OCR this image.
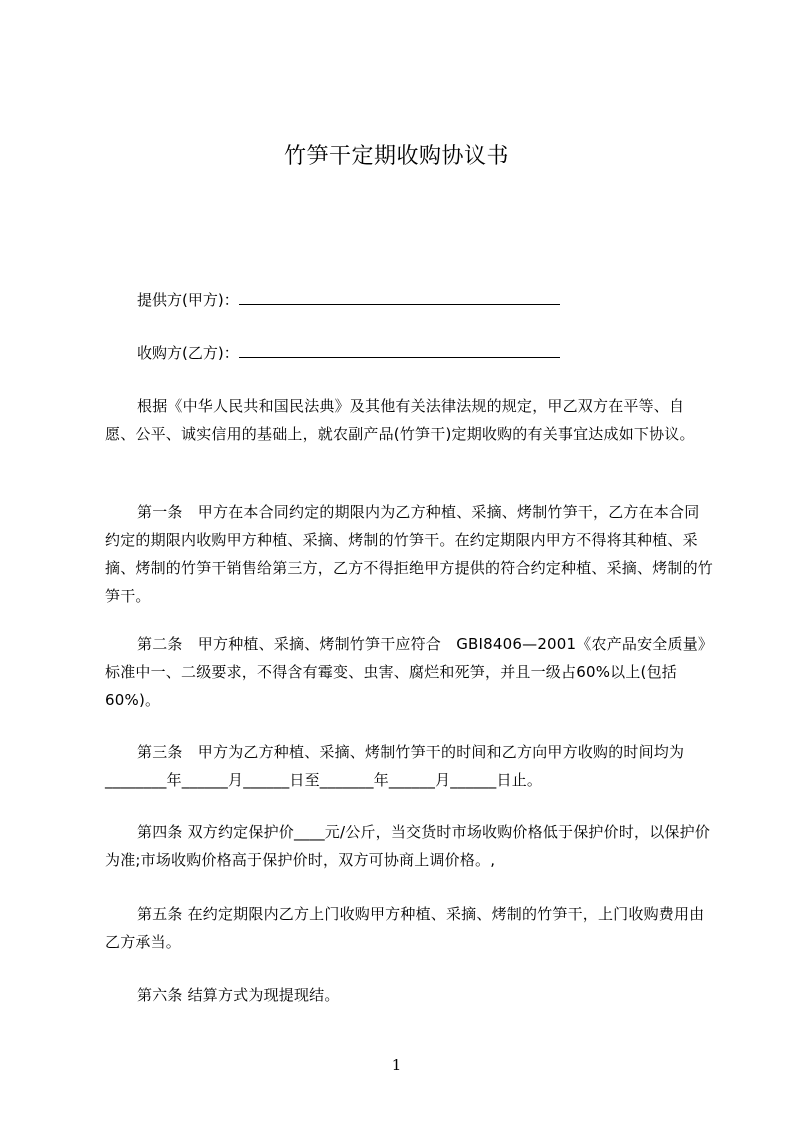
竹笋干定期收购协议书
提供方(甲方)：
收购方(乙方)：

根据《中华人民共和国民法典》及其他有关法律法规的规定，甲乙双方在平等、自愿、公平、诚实信用的基础上，就农副产品(竹笋干)定期收购的有关事宜达成如下协议。

第一条　甲方在本合同约定的期限内为乙方种植、采摘、烤制竹笋干，乙方在本合同约定的期限内收购甲方种植、采摘、烤制的竹笋干。在约定期限内甲方不得将其种植、采摘、烤制的竹笋干销售给第三方，乙方不得拒绝甲方提供的符合约定种植、采摘、烤制的竹笋干。

第二条　甲方种植、采摘、烤制竹笋干应符合　GBI8406—2001《农产品安全质量》标准中一、二级要求，不得含有霉变、虫害、腐烂和死笋，并且一级占60%以上(包括60%)。

第三条　甲方为乙方种植、采摘、烤制竹笋干的时间和乙方向甲方收购的时间均为________年______月______日至_______年______月______日止。

第四条 双方约定保护价____元/公斤，当交货时市场收购价格低于保护价时，以保护价为准;市场收购价格高于保护价时，双方可协商上调价格。,

第五条 在约定期限内乙方上门收购甲方种植、采摘、烤制的竹笋干，上门收购费用由乙方承当。

第六条 结算方式为现提现结。

1
